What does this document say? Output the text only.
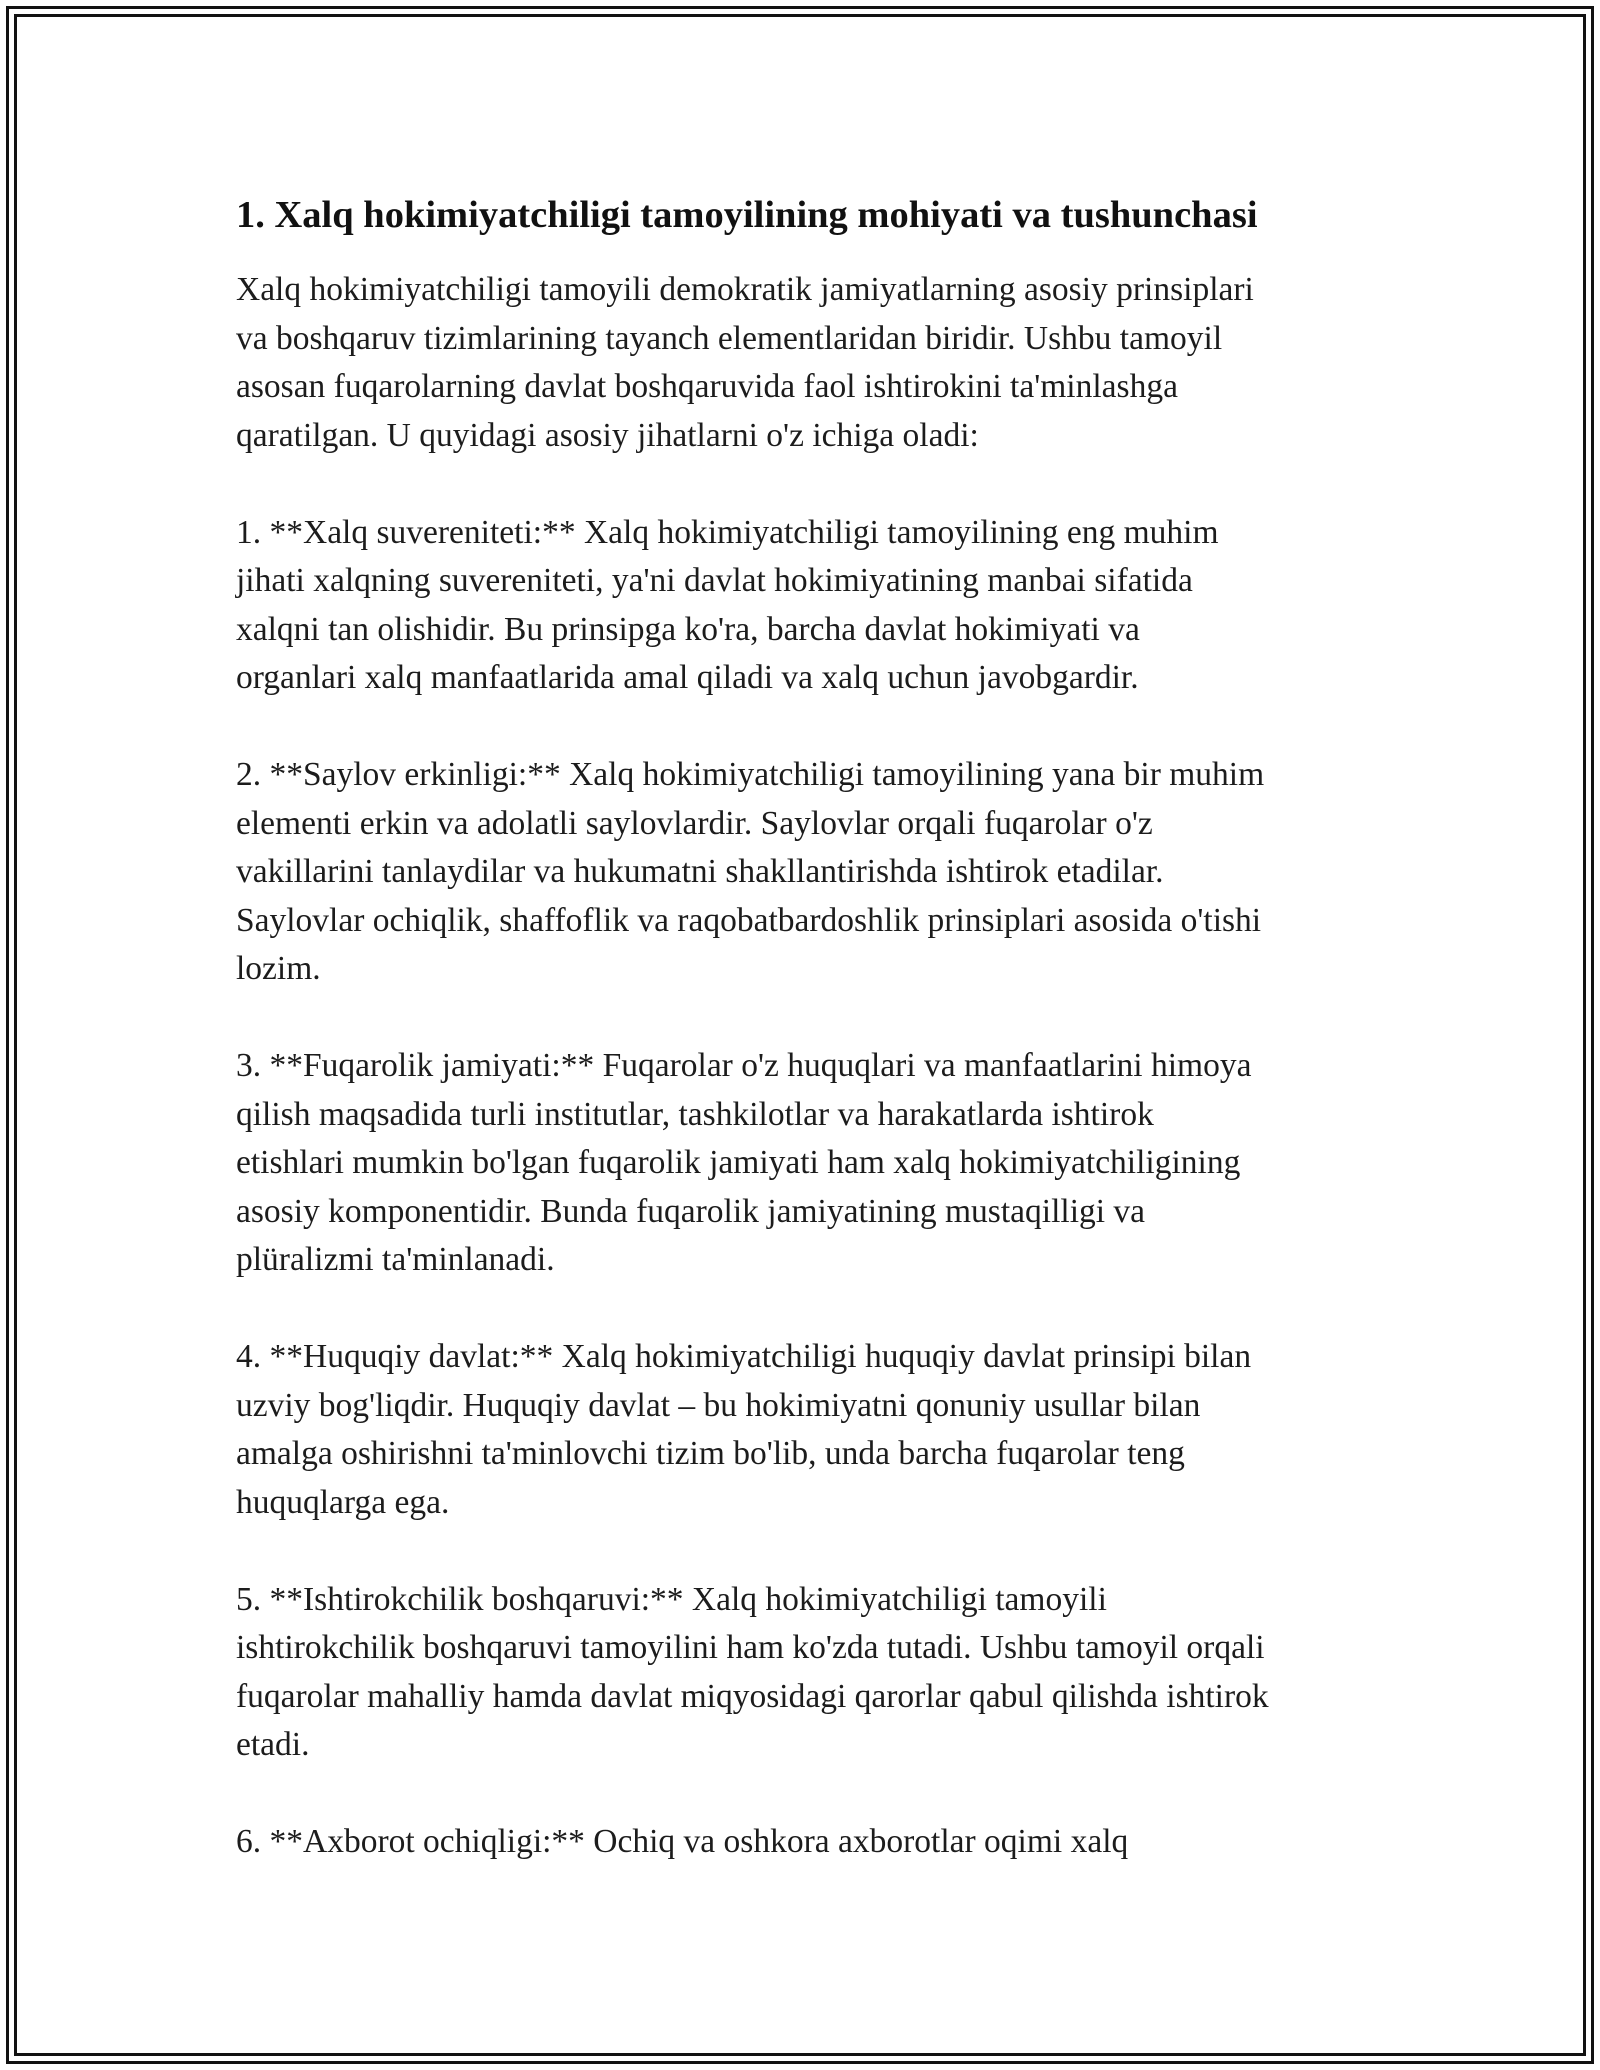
1. Xalq hokimiyatchiligi tamoyilining mohiyati va tushunchasi

Xalq hokimiyatchiligi tamoyili demokratik jamiyatlarning asosiy prinsiplari
va boshqaruv tizimlarining tayanch elementlaridan biridir. Ushbu tamoyil
asosan fuqarolarning davlat boshqaruvida faol ishtirokini ta'minlashga
qaratilgan. U quyidagi asosiy jihatlarni o'z ichiga oladi:

1. **Xalq suvereniteti:** Xalq hokimiyatchiligi tamoyilining eng muhim
jihati xalqning suvereniteti, ya'ni davlat hokimiyatining manbai sifatida
xalqni tan olishidir. Bu prinsipga ko'ra, barcha davlat hokimiyati va
organlari xalq manfaatlarida amal qiladi va xalq uchun javobgardir.

2. **Saylov erkinligi:** Xalq hokimiyatchiligi tamoyilining yana bir muhim
elementi erkin va adolatli saylovlardir. Saylovlar orqali fuqarolar o'z
vakillarini tanlaydilar va hukumatni shakllantirishda ishtirok etadilar.
Saylovlar ochiqlik, shaffoflik va raqobatbardoshlik prinsiplari asosida o'tishi
lozim.

3. **Fuqarolik jamiyati:** Fuqarolar o'z huquqlari va manfaatlarini himoya
qilish maqsadida turli institutlar, tashkilotlar va harakatlarda ishtirok
etishlari mumkin bo'lgan fuqarolik jamiyati ham xalq hokimiyatchiligining
asosiy komponentidir. Bunda fuqarolik jamiyatining mustaqilligi va
plüralizmi ta'minlanadi.

4. **Huquqiy davlat:** Xalq hokimiyatchiligi huquqiy davlat prinsipi bilan
uzviy bog'liqdir. Huquqiy davlat – bu hokimiyatni qonuniy usullar bilan
amalga oshirishni ta'minlovchi tizim bo'lib, unda barcha fuqarolar teng
huquqlarga ega.

5. **Ishtirokchilik boshqaruvi:** Xalq hokimiyatchiligi tamoyili
ishtirokchilik boshqaruvi tamoyilini ham ko'zda tutadi. Ushbu tamoyil orqali
fuqarolar mahalliy hamda davlat miqyosidagi qarorlar qabul qilishda ishtirok
etadi.

6. **Axborot ochiqligi:** Ochiq va oshkora axborotlar oqimi xalq
